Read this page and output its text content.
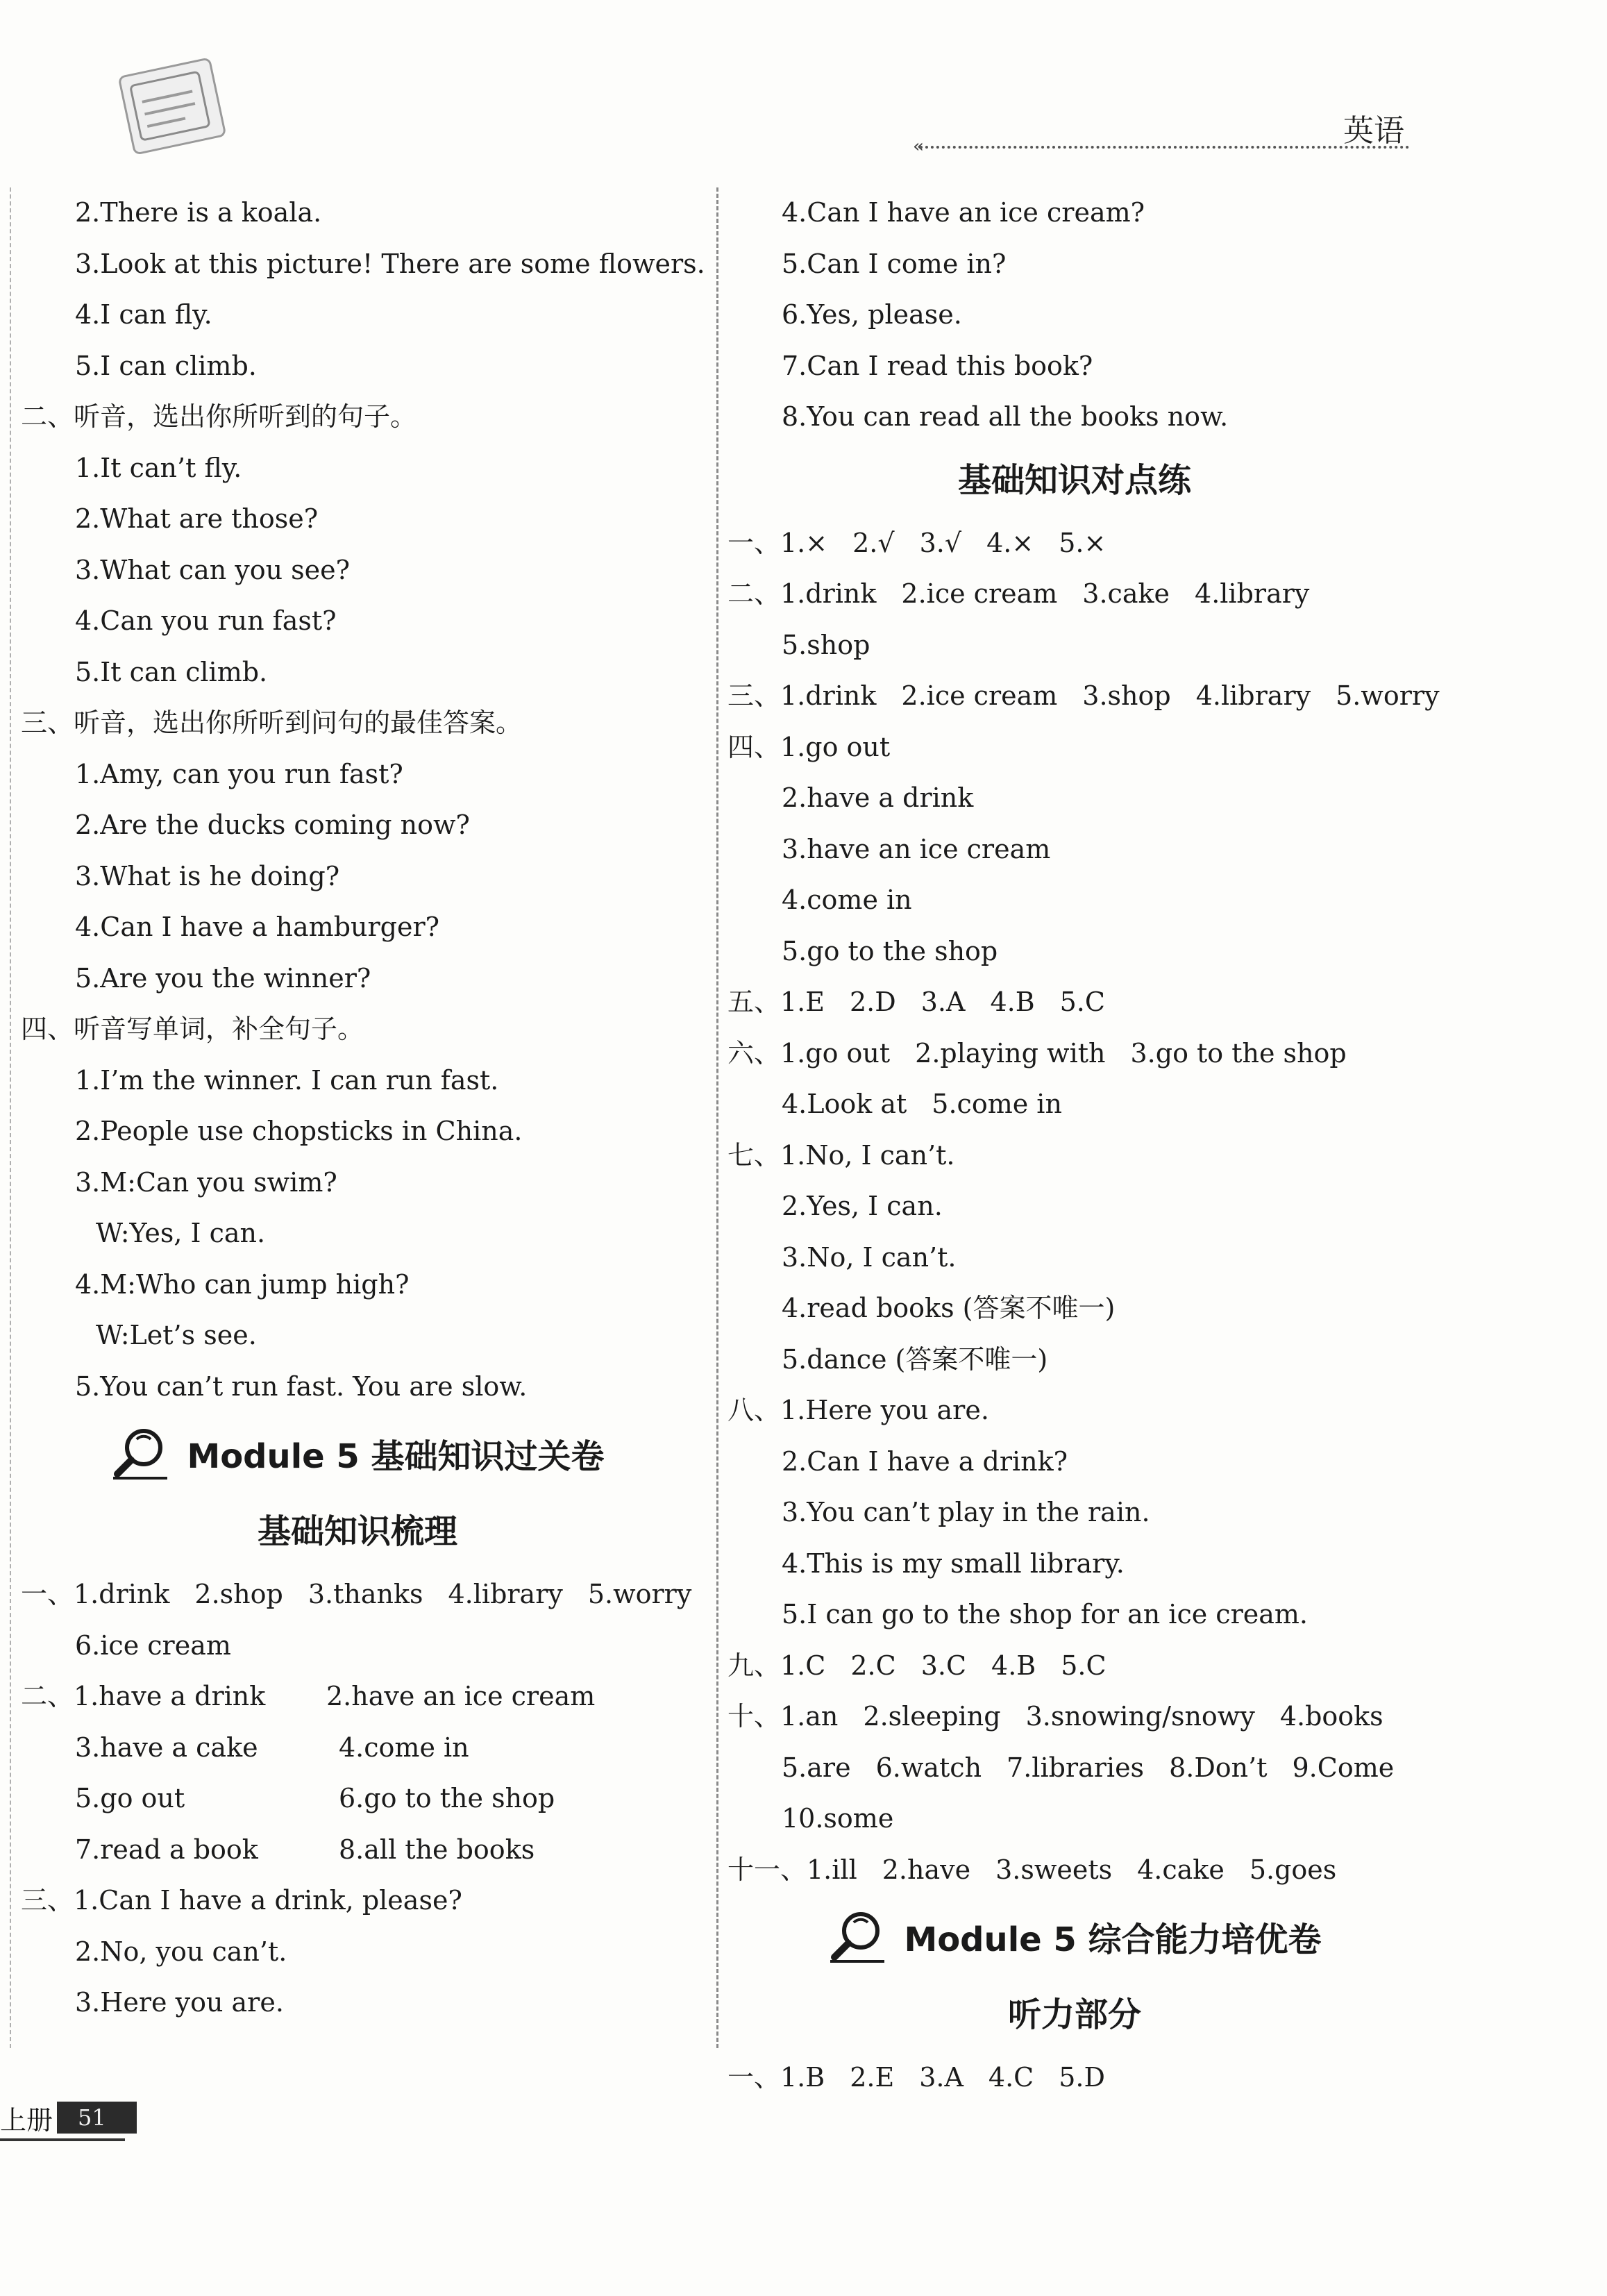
«	英语
2.There is a koala.
3.Look at this picture! There are some flowers.
4.I can fly.
5.I can climb.
二、听音，选出你所听到的句子。
1.It can’t fly.
2.What are those?
3.What can you see?
4.Can you run fast?
5.It can climb.
三、听音，选出你所听到问句的最佳答案。
1.Amy, can you run fast?
2.Are the ducks coming now?
3.What is he doing?
4.Can I have a hamburger?
5.Are you the winner?
四、听音写单词，补全句子。
1.I’m the winner. I can run fast.
2.People use chopsticks in China.
3.M:Can you swim?
W:Yes, I can.
4.M:Who can jump high?
W:Let’s see.
5.You can’t run fast. You are slow.
Module 5 基础知识过关卷
基础知识梳理
一、1.drink 2.shop 3.thanks 4.library 5.worry
6.ice cream
二、1.have a drink 2.have an ice cream
3.have a cake	4.come in
5.go out	6.go to the shop
7.read a book	8.all the books
三、1.Can I have a drink, please?
2.No, you can’t.
3.Here you are.
4.Can I have an ice cream?
5.Can I come in?
6.Yes, please.
7.Can I read this book?
8.You can read all the books now.
基础知识对点练
一、1.× 2.√ 3.√ 4.× 5.×
二、1.drink 2.ice cream 3.cake 4.library
5.shop
三、1.drink 2.ice cream 3.shop 4.library 5.worry
四、1.go out
2.have a drink
3.have an ice cream
4.come in
5.go to the shop
五、1.E 2.D 3.A 4.B 5.C
六、1.go out 2.playing with 3.go to the shop
4.Look at 5.come in
七、1.No, I can’t.
2.Yes, I can.
3.No, I can’t.
4.read books (答案不唯一)
5.dance (答案不唯一)
八、1.Here you are.
2.Can I have a drink?
3.You can’t play in the rain.
4.This is my small library.
5.I can go to the shop for an ice cream.
九、1.C 2.C 3.C 4.B 5.C
十、1.an 2.sleeping 3.snowing/snowy 4.books
5.are 6.watch 7.libraries 8.Don’t 9.Come
10.some
十一、1.ill 2.have 3.sweets 4.cake 5.goes
Module 5 综合能力培优卷
听力部分
一、1.B 2.E 3.A 4.C 5.D
上册	51
